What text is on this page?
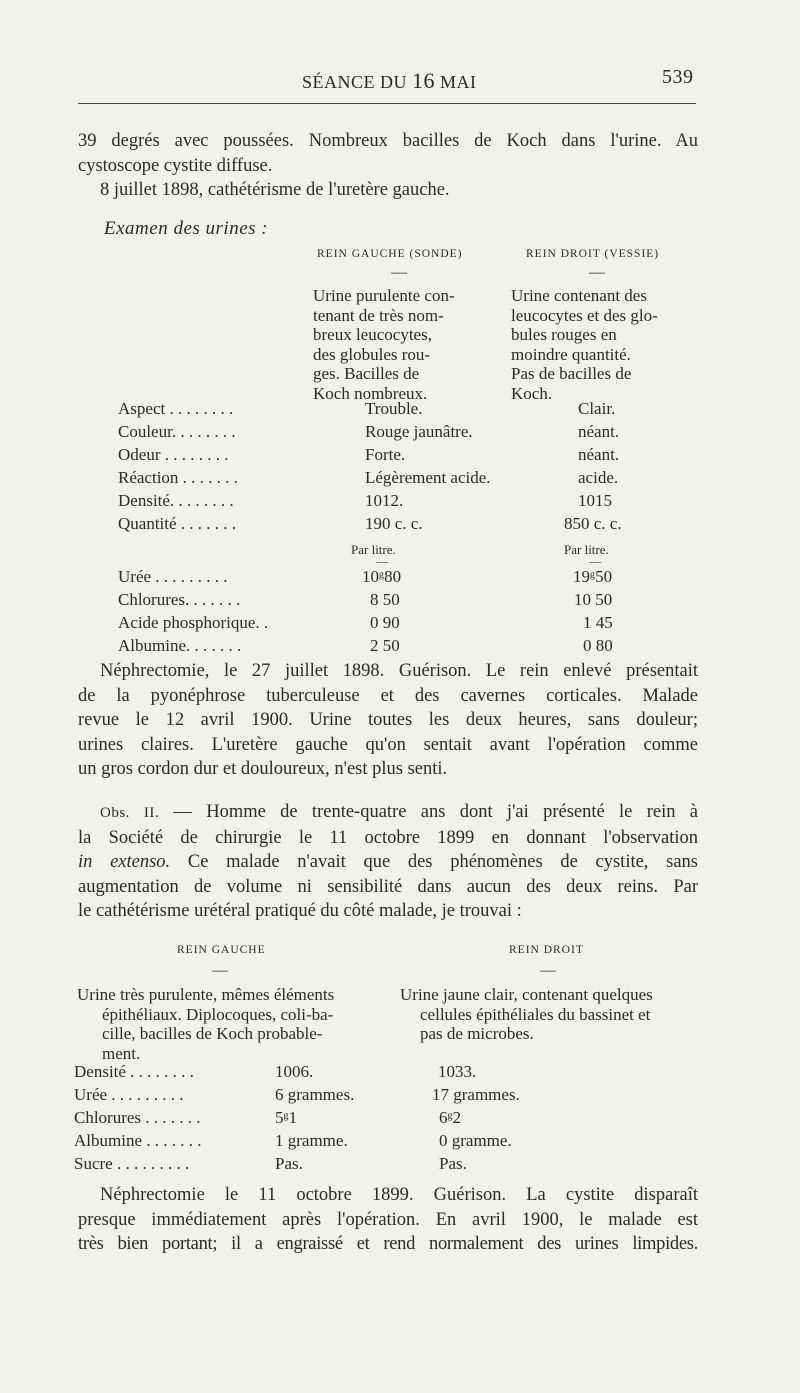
SÉANCE DU 16 MAI	539

39 degrés avec poussées. Nombreux bacilles de Koch dans l'urine. Au

cystoscope cystite diffuse.

8 juillet 1898, cathétérisme de l'uretère gauche.

Examen des urines :
REIN GAUCHE (SONDE)	REIN DROIT (VESSIE)
—	—
Urine purulente con-
tenant de très nom-
breux leucocytes,
des globules rou-
ges. Bacilles de
Koch nombreux.
Urine contenant des
leucocytes et des glo-
bules rouges en
moindre quantité.
Pas de bacilles de
Koch.
Aspect . . . . . . . .	Trouble.	Clair.
Couleur. . . . . . . .	Rouge jaunâtre.	néant.
Odeur . . . . . . . .	Forte.	néant.
Réaction . . . . . . .	Légèrement acide.	acide.
Densité. . . . . . . .	1012.	1015
Quantité . . . . . . .	190 c. c.	850 c. c.
Par litre.	Par litre.
—	—
Urée . . . . . . . . .	10ᵍ80	19ᵍ50
Chlorures. . . . . . .	8 50	10 50
Acide phosphorique. .	0 90	1 45
Albumine. . . . . . .	2 50	0 80

Néphrectomie, le 27 juillet 1898. Guérison. Le rein enlevé présentait

de la pyonéphrose tuberculeuse et des cavernes corticales. Malade

revue le 12 avril 1900. Urine toutes les deux heures, sans douleur;

urines claires. L'uretère gauche qu'on sentait avant l'opération comme

un gros cordon dur et douloureux, n'est plus senti.

Obs. II. — Homme de trente-quatre ans dont j'ai présenté le rein à

la Société de chirurgie le 11 octobre 1899 en donnant l'observation

in extenso. Ce malade n'avait que des phénomènes de cystite, sans

augmentation de volume ni sensibilité dans aucun des deux reins. Par

le cathétérisme urétéral pratiqué du côté malade, je trouvai :

REIN GAUCHE	REIN DROIT
—	—
Urine très purulente, mêmes éléments
épithéliaux. Diplocoques, coli-ba-
cille, bacilles de Koch probable-
ment.
Urine jaune clair, contenant quelques
cellules épithéliales du bassinet et
pas de microbes.
Densité . . . . . . . .	1006.	1033.
Urée . . . . . . . . .	6 grammes.	17 grammes.
Chlorures . . . . . . .	5ᵍ1	6ᵍ2
Albumine . . . . . . .	1 gramme.	0 gramme.
Sucre . . . . . . . . .	Pas.	Pas.

Néphrectomie le 11 octobre 1899. Guérison. La cystite disparaît

presque immédiatement après l'opération. En avril 1900, le malade est

très bien portant; il a engraissé et rend normalement des urines limpides.
